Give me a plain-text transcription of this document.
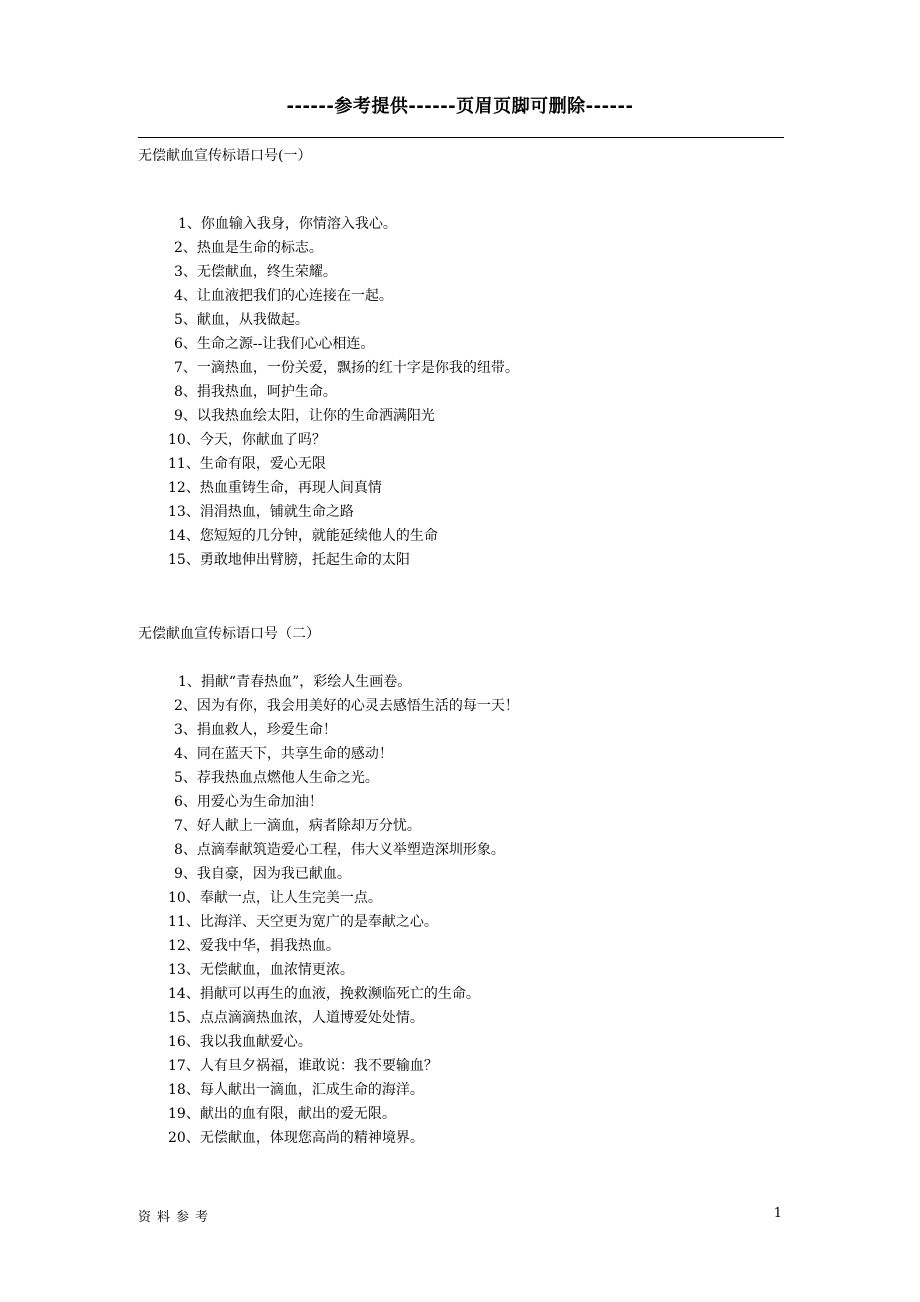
------参考提供------页眉页脚可删除------
无偿献血宣传标语口号(一）
1、你血输入我身，你情溶入我心。
2、热血是生命的标志。
3、无偿献血，终生荣耀。
4、让血液把我们的心连接在一起。
5、献血，从我做起。
6、生命之源--让我们心心相连。
7、一滴热血，一份关爱，飘扬的红十字是你我的纽带。
8、捐我热血，呵护生命。
9、以我热血绘太阳，让你的生命洒满阳光
10、今天，你献血了吗？
11、生命有限，爱心无限
12、热血重铸生命，再现人间真情
13、涓涓热血，铺就生命之路
14、您短短的几分钟，就能延续他人的生命
15、勇敢地伸出臂膀，托起生命的太阳
无偿献血宣传标语口号（二）
1、捐献“青春热血”，彩绘人生画卷。
2、因为有你，我会用美好的心灵去感悟生活的每一天！
3、捐血救人，珍爱生命！
4、同在蓝天下，共享生命的感动！
5、荐我热血点燃他人生命之光。
6、用爱心为生命加油！
7、好人献上一滴血，病者除却万分忧。
8、点滴奉献筑造爱心工程，伟大义举塑造深圳形象。
9、我自豪，因为我已献血。
10、奉献一点，让人生完美一点。
11、比海洋、天空更为宽广的是奉献之心。
12、爱我中华，捐我热血。
13、无偿献血，血浓情更浓。
14、捐献可以再生的血液，挽救濒临死亡的生命。
15、点点滴滴热血浓，人道博爱处处情。
16、我以我血献爱心。
17、人有旦夕祸福，谁敢说：我不要输血？
18、每人献出一滴血，汇成生命的海洋。
19、献出的血有限，献出的爱无限。
20、无偿献血，体现您高尚的精神境界。
资料参考	1
